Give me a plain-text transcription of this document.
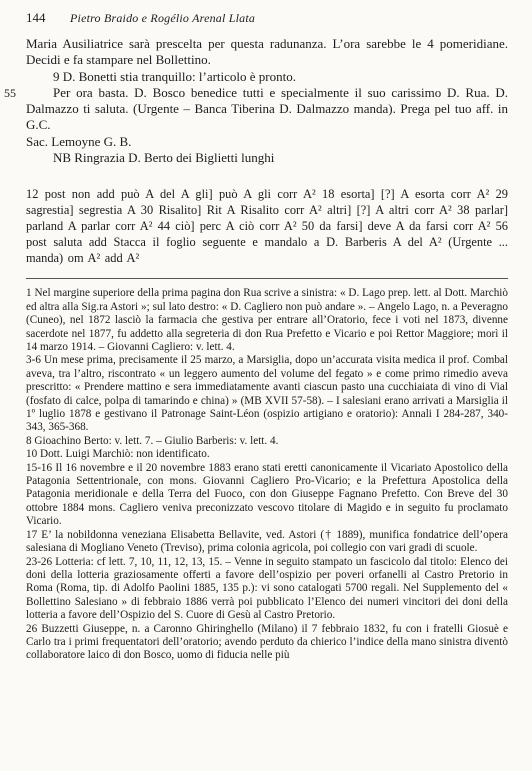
144	Pietro Braido e Rogélio Arenal Llata

Maria Ausiliatrice sarà prescelta per questa radunanza. L’ora sarebbe le 4 pomeridiane. Decidi e fa stampare nel Bollettino.

9 D. Bonetti stia tranquillo: l’articolo è pronto.

55	Per ora basta. D. Bosco benedice tutti e specialmente il suo carissimo D. Rua. D. Dalmazzo ti saluta. (Urgente – Banca Tiberina D. Dalmazzo manda). Prega pel tuo aff. in G.C.

Sac. Lemoyne G. B.

NB Ringrazia D. Berto dei Biglietti lunghi

12 post non add può A del A gli] può A gli corr A² 18 esorta] [?] A esorta corr A² 29 sagrestia] segrestia A 30 Risalito] Rit A Risalito corr A² altri] [?] A altri corr A² 38 parlar] parland A parlar corr A² 44 ciò] perc A ciò corr A² 50 da farsi] deve A da farsi corr A² 56 post saluta add Stacca il foglio seguente e mandalo a D. Barberis A del A² (Urgente ... manda) om A² add A²

1 Nel margine superiore della prima pagina don Rua scrive a sinistra: « D. Lago prep. lett. al Dott. Marchiò ed altra alla Sig.ra Astori »; sul lato destro: « D. Cagliero non può andare ». – Angelo Lago, n. a Peveragno (Cuneo), nel 1872 lasciò la farmacia che gestiva per entrare all’Oratorio, fece i voti nel 1873, divenne sacerdote nel 1877, fu addetto alla segreteria di don Rua Prefetto e Vicario e poi Rettor Maggiore; morì il 14 marzo 1914. – Giovanni Cagliero: v. lett. 4.

3-6 Un mese prima, precisamente il 25 marzo, a Marsiglia, dopo un’accurata visita medica il prof. Combal aveva, tra l’altro, riscontrato « un leggero aumento del volume del fegato » e come primo rimedio aveva prescritto: « Prendere mattino e sera immediatamente avanti ciascun pasto una cucchiaiata di vino di Vial (fosfato di calce, polpa di tamarindo e china) » (MB XVII 57-58). – I salesiani erano arrivati a Marsiglia il 1º luglio 1878 e gestivano il Patronage Saint-Léon (ospizio artigiano e oratorio): Annali I 284-287, 340-343, 365-368.

8 Gioachino Berto: v. lett. 7. – Giulio Barberis: v. lett. 4.

10 Dott. Luigi Marchiò: non identificato.

15-16 Il 16 novembre e il 20 novembre 1883 erano stati eretti canonicamente il Vicariato Apostolico della Patagonia Settentrionale, con mons. Giovanni Cagliero Pro-Vicario; e la Prefettura Apostolica della Patagonia meridionale e della Terra del Fuoco, con don Giuseppe Fagnano Prefetto. Con Breve del 30 ottobre 1884 mons. Cagliero veniva preconizzato vescovo titolare di Magido e in seguito fu proclamato Vicario.

17 E’ la nobildonna veneziana Elisabetta Bellavite, ved. Astori († 1889), munifica fondatrice dell’opera salesiana di Mogliano Veneto (Treviso), prima colonia agricola, poi collegio con vari gradi di scuole.

23-26 Lotteria: cf lett. 7, 10, 11, 12, 13, 15. – Venne in seguito stampato un fascicolo dal titolo: Elenco dei doni della lotteria graziosamente offerti a favore dell’ospizio per poveri orfanelli al Castro Pretorio in Roma (Roma, tip. di Adolfo Paolini 1885, 135 p.): vi sono catalogati 5700 regali. Nel Supplemento del « Bollettino Salesiano » di febbraio 1886 verrà poi pubblicato l’Elenco dei numeri vincitori dei doni della lotteria a favore dell’Ospizio del S. Cuore di Gesù al Castro Pretorio.

26 Buzzetti Giuseppe, n. a Caronno Ghiringhello (Milano) il 7 febbraio 1832, fu con i fratelli Giosuè e Carlo tra i primi frequentatori dell’oratorio; avendo perduto da chierico l’indice della mano sinistra diventò collaboratore laico di don Bosco, uomo di fiducia nelle più
